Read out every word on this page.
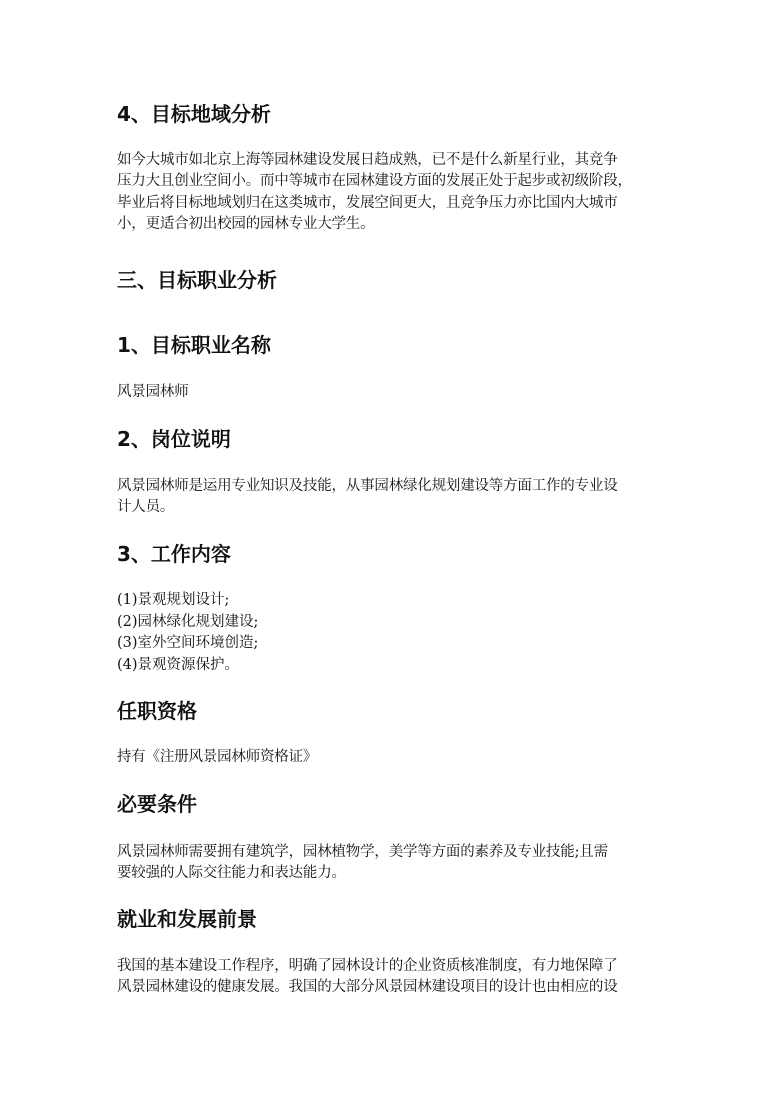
4、目标地域分析

如今大城市如北京上海等园林建设发展日趋成熟，已不是什么新星行业，其竞争
压力大且创业空间小。而中等城市在园林建设方面的发展正处于起步或初级阶段，
毕业后将目标地域划归在这类城市，发展空间更大，且竞争压力亦比国内大城市
小，更适合初出校园的园林专业大学生。

三、目标职业分析
1、目标职业名称

风景园林师

2、岗位说明

风景园林师是运用专业知识及技能，从事园林绿化规划建设等方面工作的专业设
计人员。

3、工作内容
(1)景观规划设计;
(2)园林绿化规划建设;
(3)室外空间环境创造;
(4)景观资源保护。
任职资格

持有《注册风景园林师资格证》

必要条件

风景园林师需要拥有建筑学，园林植物学，美学等方面的素养及专业技能;且需
要较强的人际交往能力和表达能力。

就业和发展前景

我国的基本建设工作程序，明确了园林设计的企业资质核准制度，有力地保障了
风景园林建设的健康发展。我国的大部分风景园林建设项目的设计也由相应的设
